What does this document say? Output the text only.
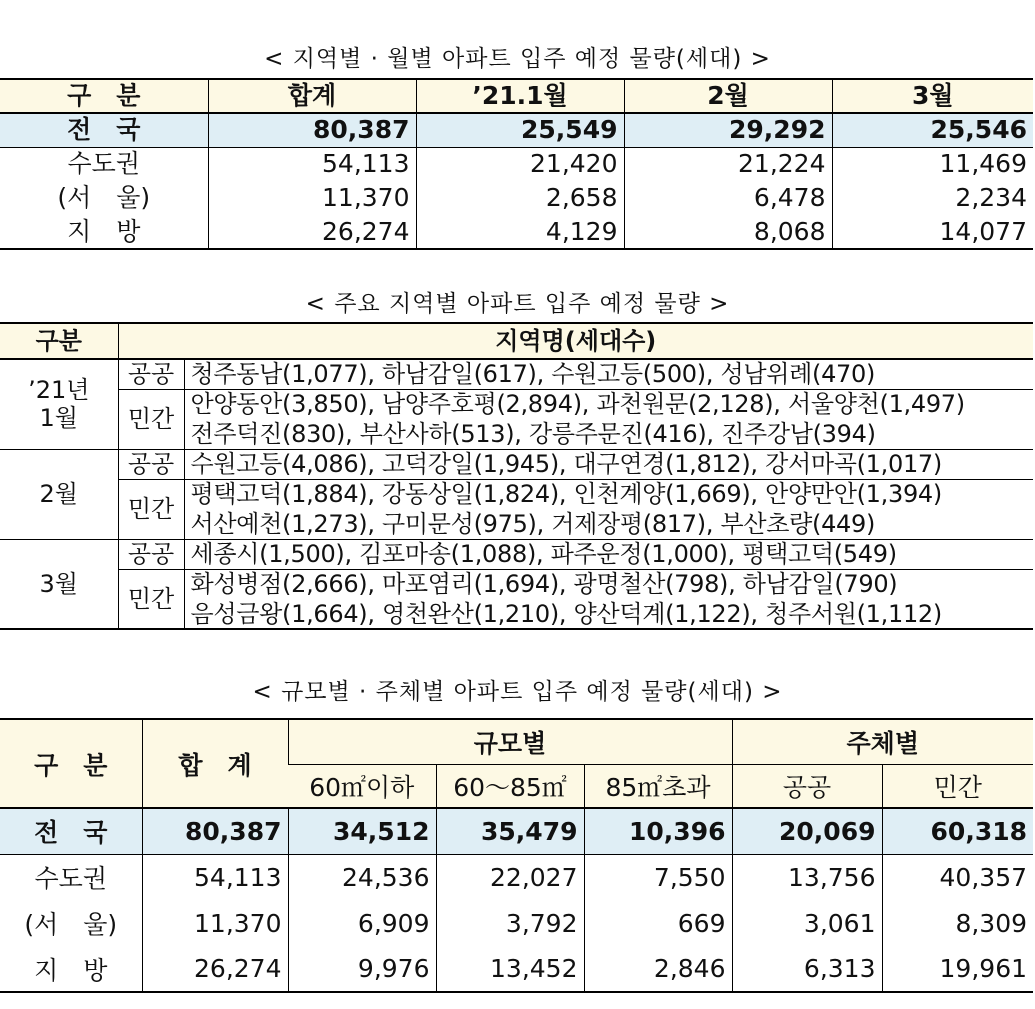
< 지역별 · 월별 아파트 입주 예정 물량(세대) >
구　분	합계	’21.1월	2월	3월
전　국	80,387	25,549	29,292	25,546
수도권	54,113	21,420	21,224	11,469
(서　울)	11,370	2,658	6,478	2,234
지　방	26,274	4,129	8,068	14,077
< 주요 지역별 아파트 입주 예정 물량 >
구분	지역명(세대수)	

’21년
1월	공공	청주동남(1,077), 하남감일(617), 수원고등(500), 성남위례(470)
	민간	안양동안(3,850), 남양주호평(2,894), 과천원문(2,128), 서울양천(1,497)
		전주덕진(830), 부산사하(513), 강릉주문진(416), 진주강남(394)

2월	공공	수원고등(4,086), 고덕강일(1,945), 대구연경(1,812), 강서마곡(1,017)
	민간	평택고덕(1,884), 강동상일(1,824), 인천계양(1,669), 안양만안(1,394)
		서산예천(1,273), 구미문성(975), 거제장평(817), 부산초량(449)

3월	공공	세종시(1,500), 김포마송(1,088), 파주운정(1,000), 평택고덕(549)
	민간	화성병점(2,666), 마포염리(1,694), 광명철산(798), 하남감일(790)
		음성금왕(1,664), 영천완산(1,210), 양산덕계(1,122), 청주서원(1,112)
< 규모별 · 주체별 아파트 입주 예정 물량(세대) >
구　분	합　계	규모별			주체별	
		60㎡이하	60～85㎡	85㎡초과	공공	민간
전　국	80,387	34,512	35,479	10,396	20,069	60,318
수도권	54,113	24,536	22,027	7,550	13,756	40,357
(서　울)	11,370	6,909	3,792	669	3,061	8,309
지　방	26,274	9,976	13,452	2,846	6,313	19,961
